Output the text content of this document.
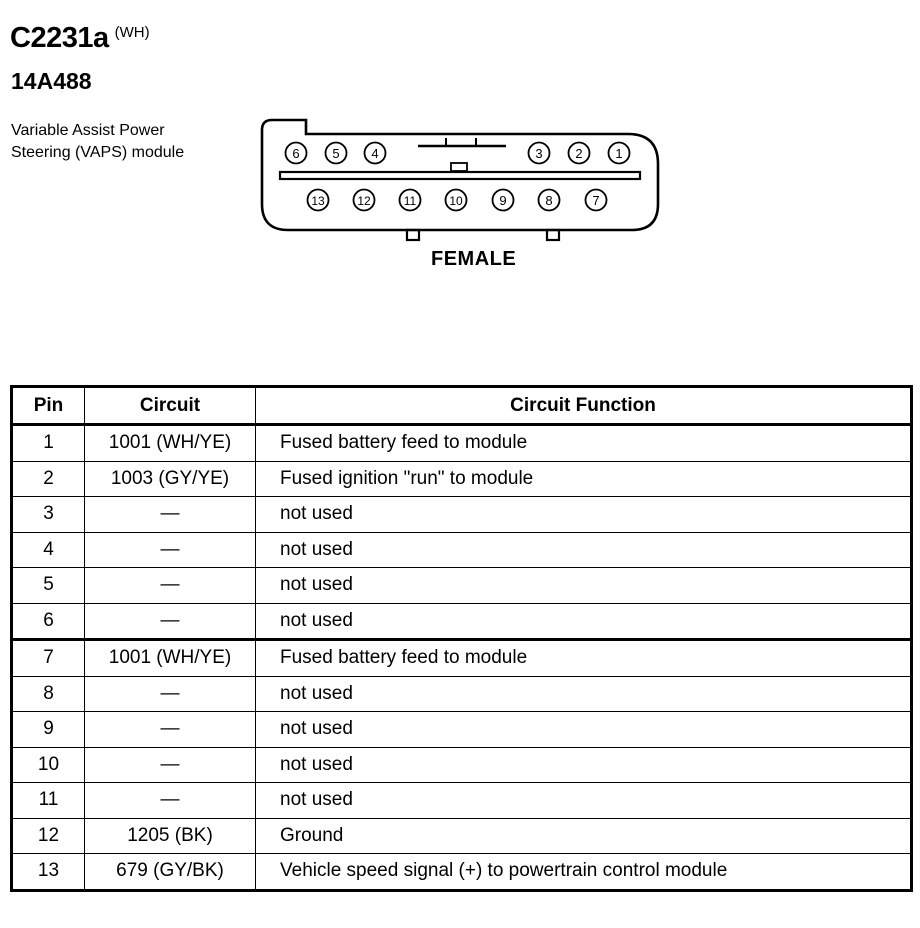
C2231a (WH)
14A488
Variable Assist Power
Steering (VAPS) module	6	5 4	3	2	1
13	12	11	10	9	8	7
FEMALE
Pin	Circuit	Circuit Function
1	1001 (WH/YE)	Fused battery feed to module
2	1003 (GY/YE)	Fused ignition "run" to module
3	—	not used
4	—	not used
5	—	not used
6	—	not used
7	1001 (WH/YE)	Fused battery feed to module
8	—	not used
9	—	not used
10	—	not used
11	—	not used
12	1205 (BK)	Ground
13	679 (GY/BK)	Vehicle speed signal (+) to powertrain control module
